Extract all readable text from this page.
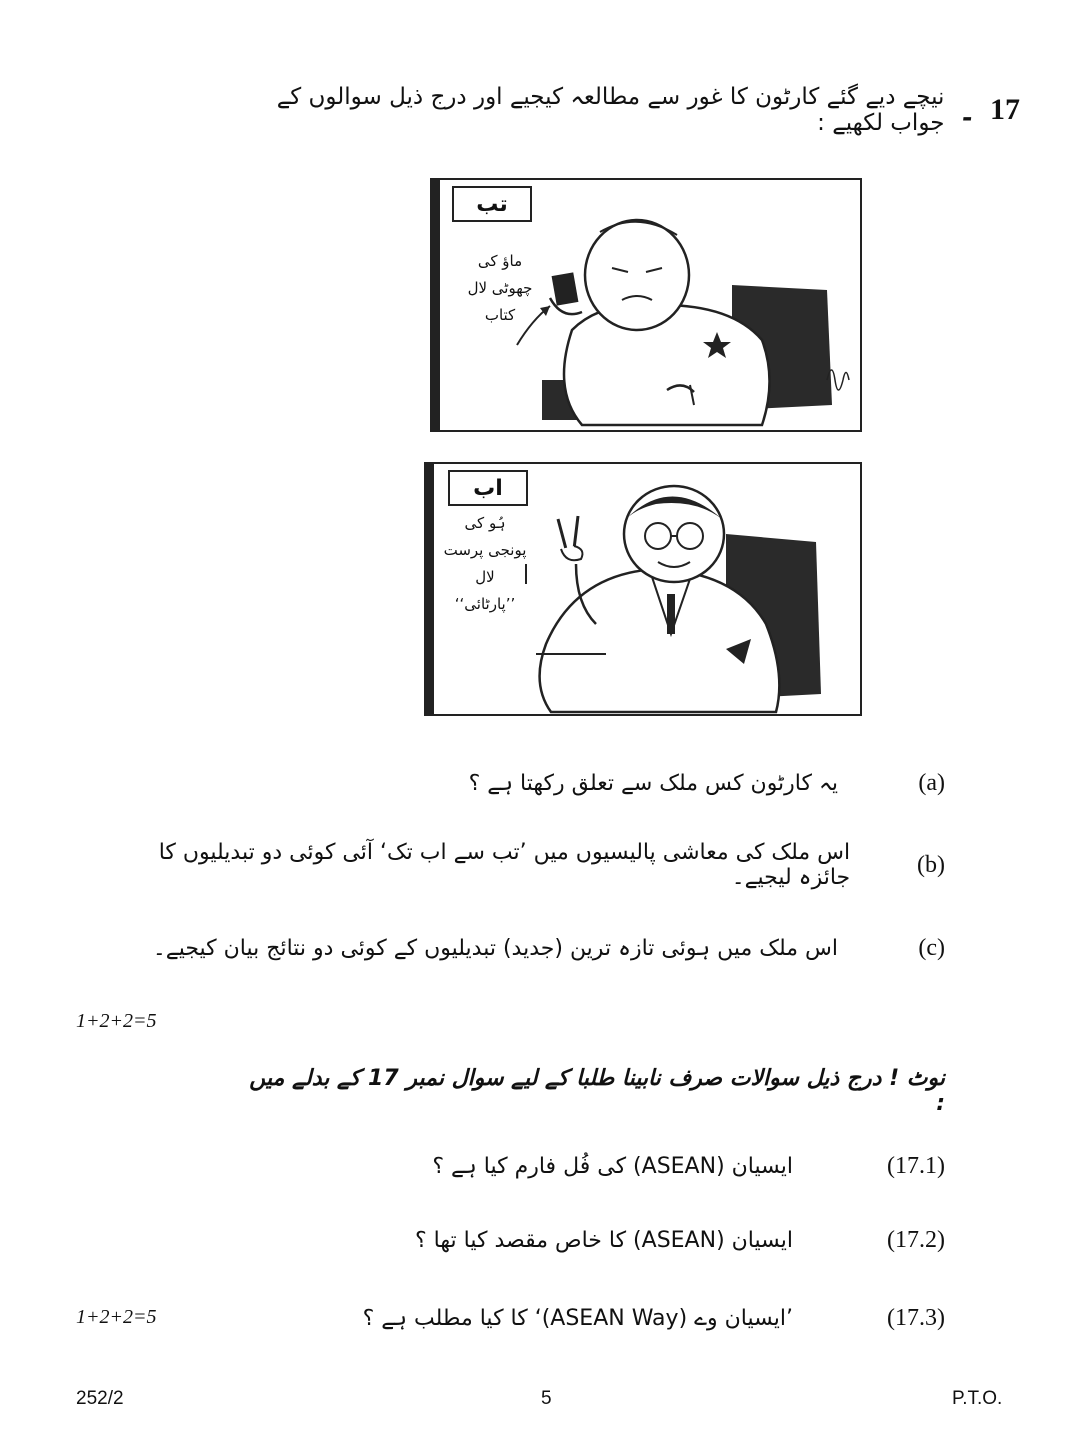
17
۔
نیچے دیے گئے کارٹون کا غور سے مطالعہ کیجیے اور درج ذیل سوالوں کے جواب لکھیے :
تب
ماؤ کی
چھوٹی لال
کتاب
اب
ہُو کی
پونجی پرست
لال
’’پارٹائی‘‘
(a)
یہ کارٹون کس ملک سے تعلق رکھتا ہے ؟
(b)
اس ملک کی معاشی پالیسیوں میں ’تب سے اب تک‘ آئی کوئی دو تبدیلیوں کا جائزہ لیجیے۔
(c)
اس ملک میں ہوئی تازہ ترین (جدید) تبدیلیوں کے کوئی دو نتائج بیان کیجیے۔
1+2+2=5
نوٹ ! درج ذیل سوالات صرف نابینا طلبا کے لیے سوال نمبر 17 کے بدلے میں :
(17.1)
ایسیان (ASEAN) کی فُل فارم کیا ہے ؟
(17.2)
ایسیان (ASEAN) کا خاص مقصد کیا تھا ؟
(17.3)
’ایسیان وے (ASEAN Way)‘ کا کیا مطلب ہے ؟
1+2+2=5
252/2	5	P.T.O.
